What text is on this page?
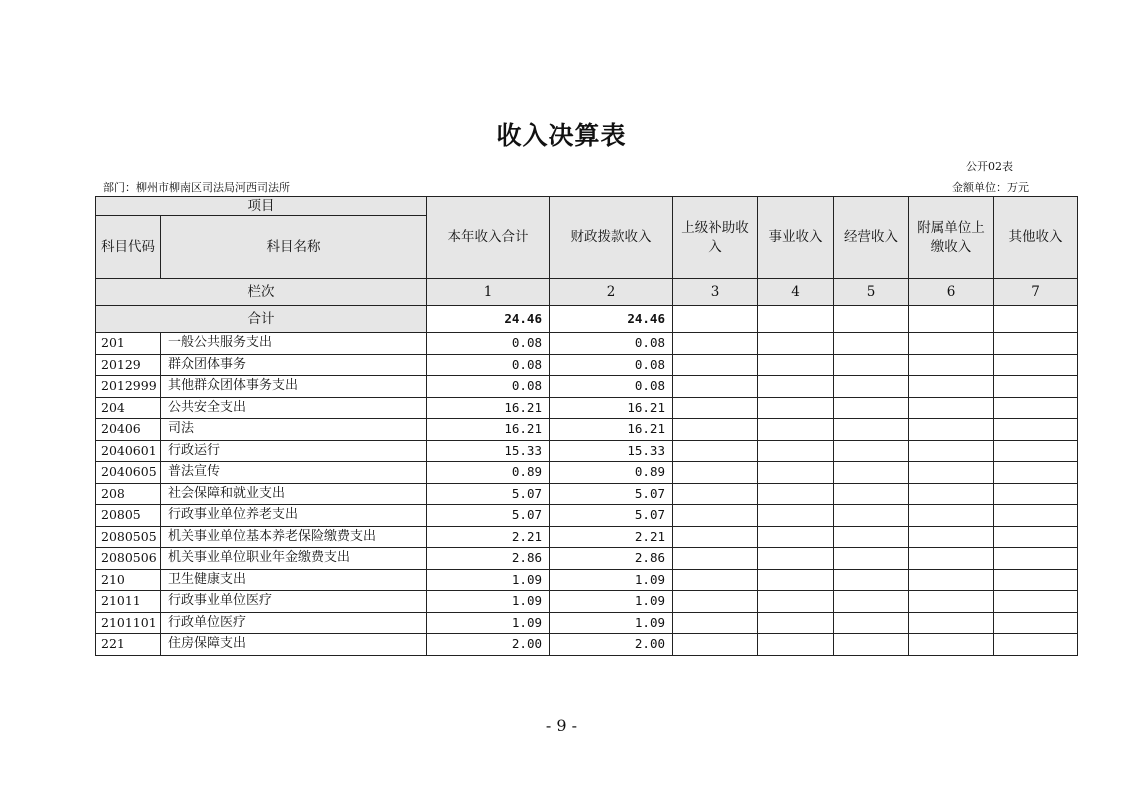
收入决算表
公开02表
部门：柳州市柳南区司法局河西司法所	金额单位：万元
项目		本年收入合计	财政拨款收入	上级补助收入	事业收入	经营收入	附属单位上缴收入	其他收入
科目代码	科目名称							
栏次		1	2	3	4	5	6	7
合计		24.46	24.46					
201	一般公共服务支出	0.08	0.08					
20129	群众团体事务	0.08	0.08					
2012999	其他群众团体事务支出	0.08	0.08					
204	公共安全支出	16.21	16.21					
20406	司法	16.21	16.21					
2040601	行政运行	15.33	15.33					
2040605	普法宣传	0.89	0.89					
208	社会保障和就业支出	5.07	5.07					
20805	行政事业单位养老支出	5.07	5.07					
2080505	机关事业单位基本养老保险缴费支出	2.21	2.21					
2080506	机关事业单位职业年金缴费支出	2.86	2.86					
210	卫生健康支出	1.09	1.09					
21011	行政事业单位医疗	1.09	1.09					
2101101	行政单位医疗	1.09	1.09					
221	住房保障支出	2.00	2.00					
- 9 -
